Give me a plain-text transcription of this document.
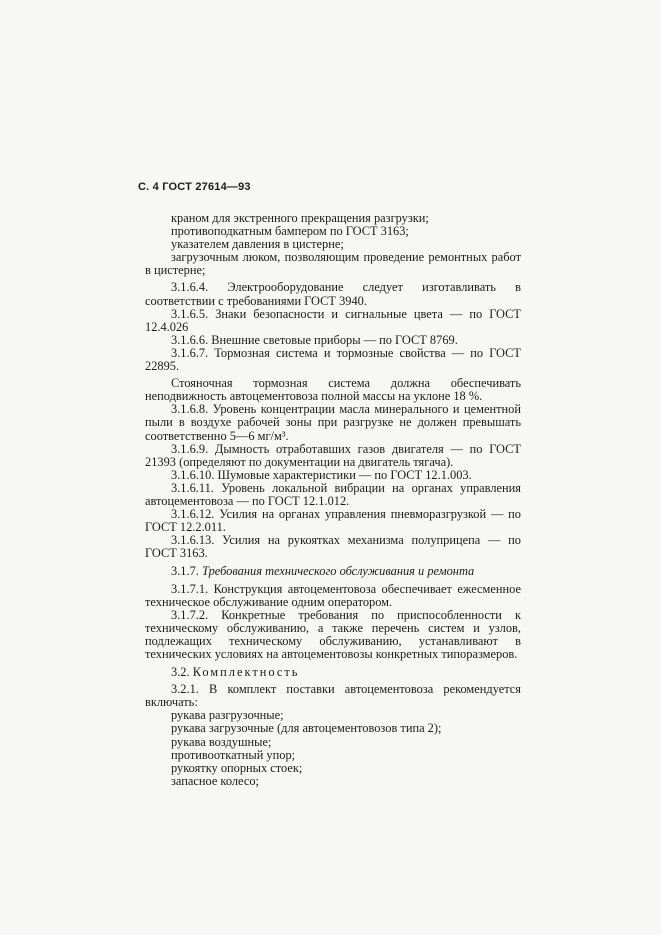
С. 4 ГОСТ 27614—93

краном для экстренного прекращения разгрузки;

противоподкатным бампером по ГОСТ 3163;

указателем давления в цистерне;

загрузочным люком, позволяющим проведение ремонтных работ в цистерне;

3.1.6.4. Электрооборудование следует изготавливать в соответствии с требованиями ГОСТ 3940.

3.1.6.5. Знаки безопасности и сигнальные цвета — по ГОСТ 12.4.026

3.1.6.6. Внешние световые приборы — по ГОСТ 8769.

3.1.6.7. Тормозная система и тормозные свойства — по ГОСТ 22895.

Стояночная тормозная система должна обеспечивать неподвижность автоцементовоза полной массы на уклоне 18 %.

3.1.6.8. Уровень концентрации масла минерального и цементной пыли в воздухе рабочей зоны при разгрузке не должен превышать соответственно 5—6 мг/м³.

3.1.6.9. Дымность отработавших газов двигателя — по ГОСТ 21393 (определяют по документации на двигатель тягача).

3.1.6.10. Шумовые характеристики — по ГОСТ 12.1.003.

3.1.6.11. Уровень локальной вибрации на органах управления автоцементовоза — по ГОСТ 12.1.012.

3.1.6.12. Усилия на органах управления пневморазгрузкой — по ГОСТ 12.2.011.

3.1.6.13. Усилия на рукоятках механизма полуприцепа — по ГОСТ 3163.

3.1.7. Требования технического обслуживания и ремонта

3.1.7.1. Конструкция автоцементовоза обеспечивает ежесменное техническое обслуживание одним оператором.

3.1.7.2. Конкретные требования по приспособленности к техническому обслуживанию, а также перечень систем и узлов, подлежащих техническому обслуживанию, устанавливают в технических условиях на автоцементовозы конкретных типоразмеров.

3.2. Комплектность

3.2.1. В комплект поставки автоцементовоза рекомендуется включать:

рукава разгрузочные;

рукава загрузочные (для автоцементовозов типа 2);

рукава воздушные;

противооткатный упор;

рукоятку опорных стоек;

запасное колесо;
